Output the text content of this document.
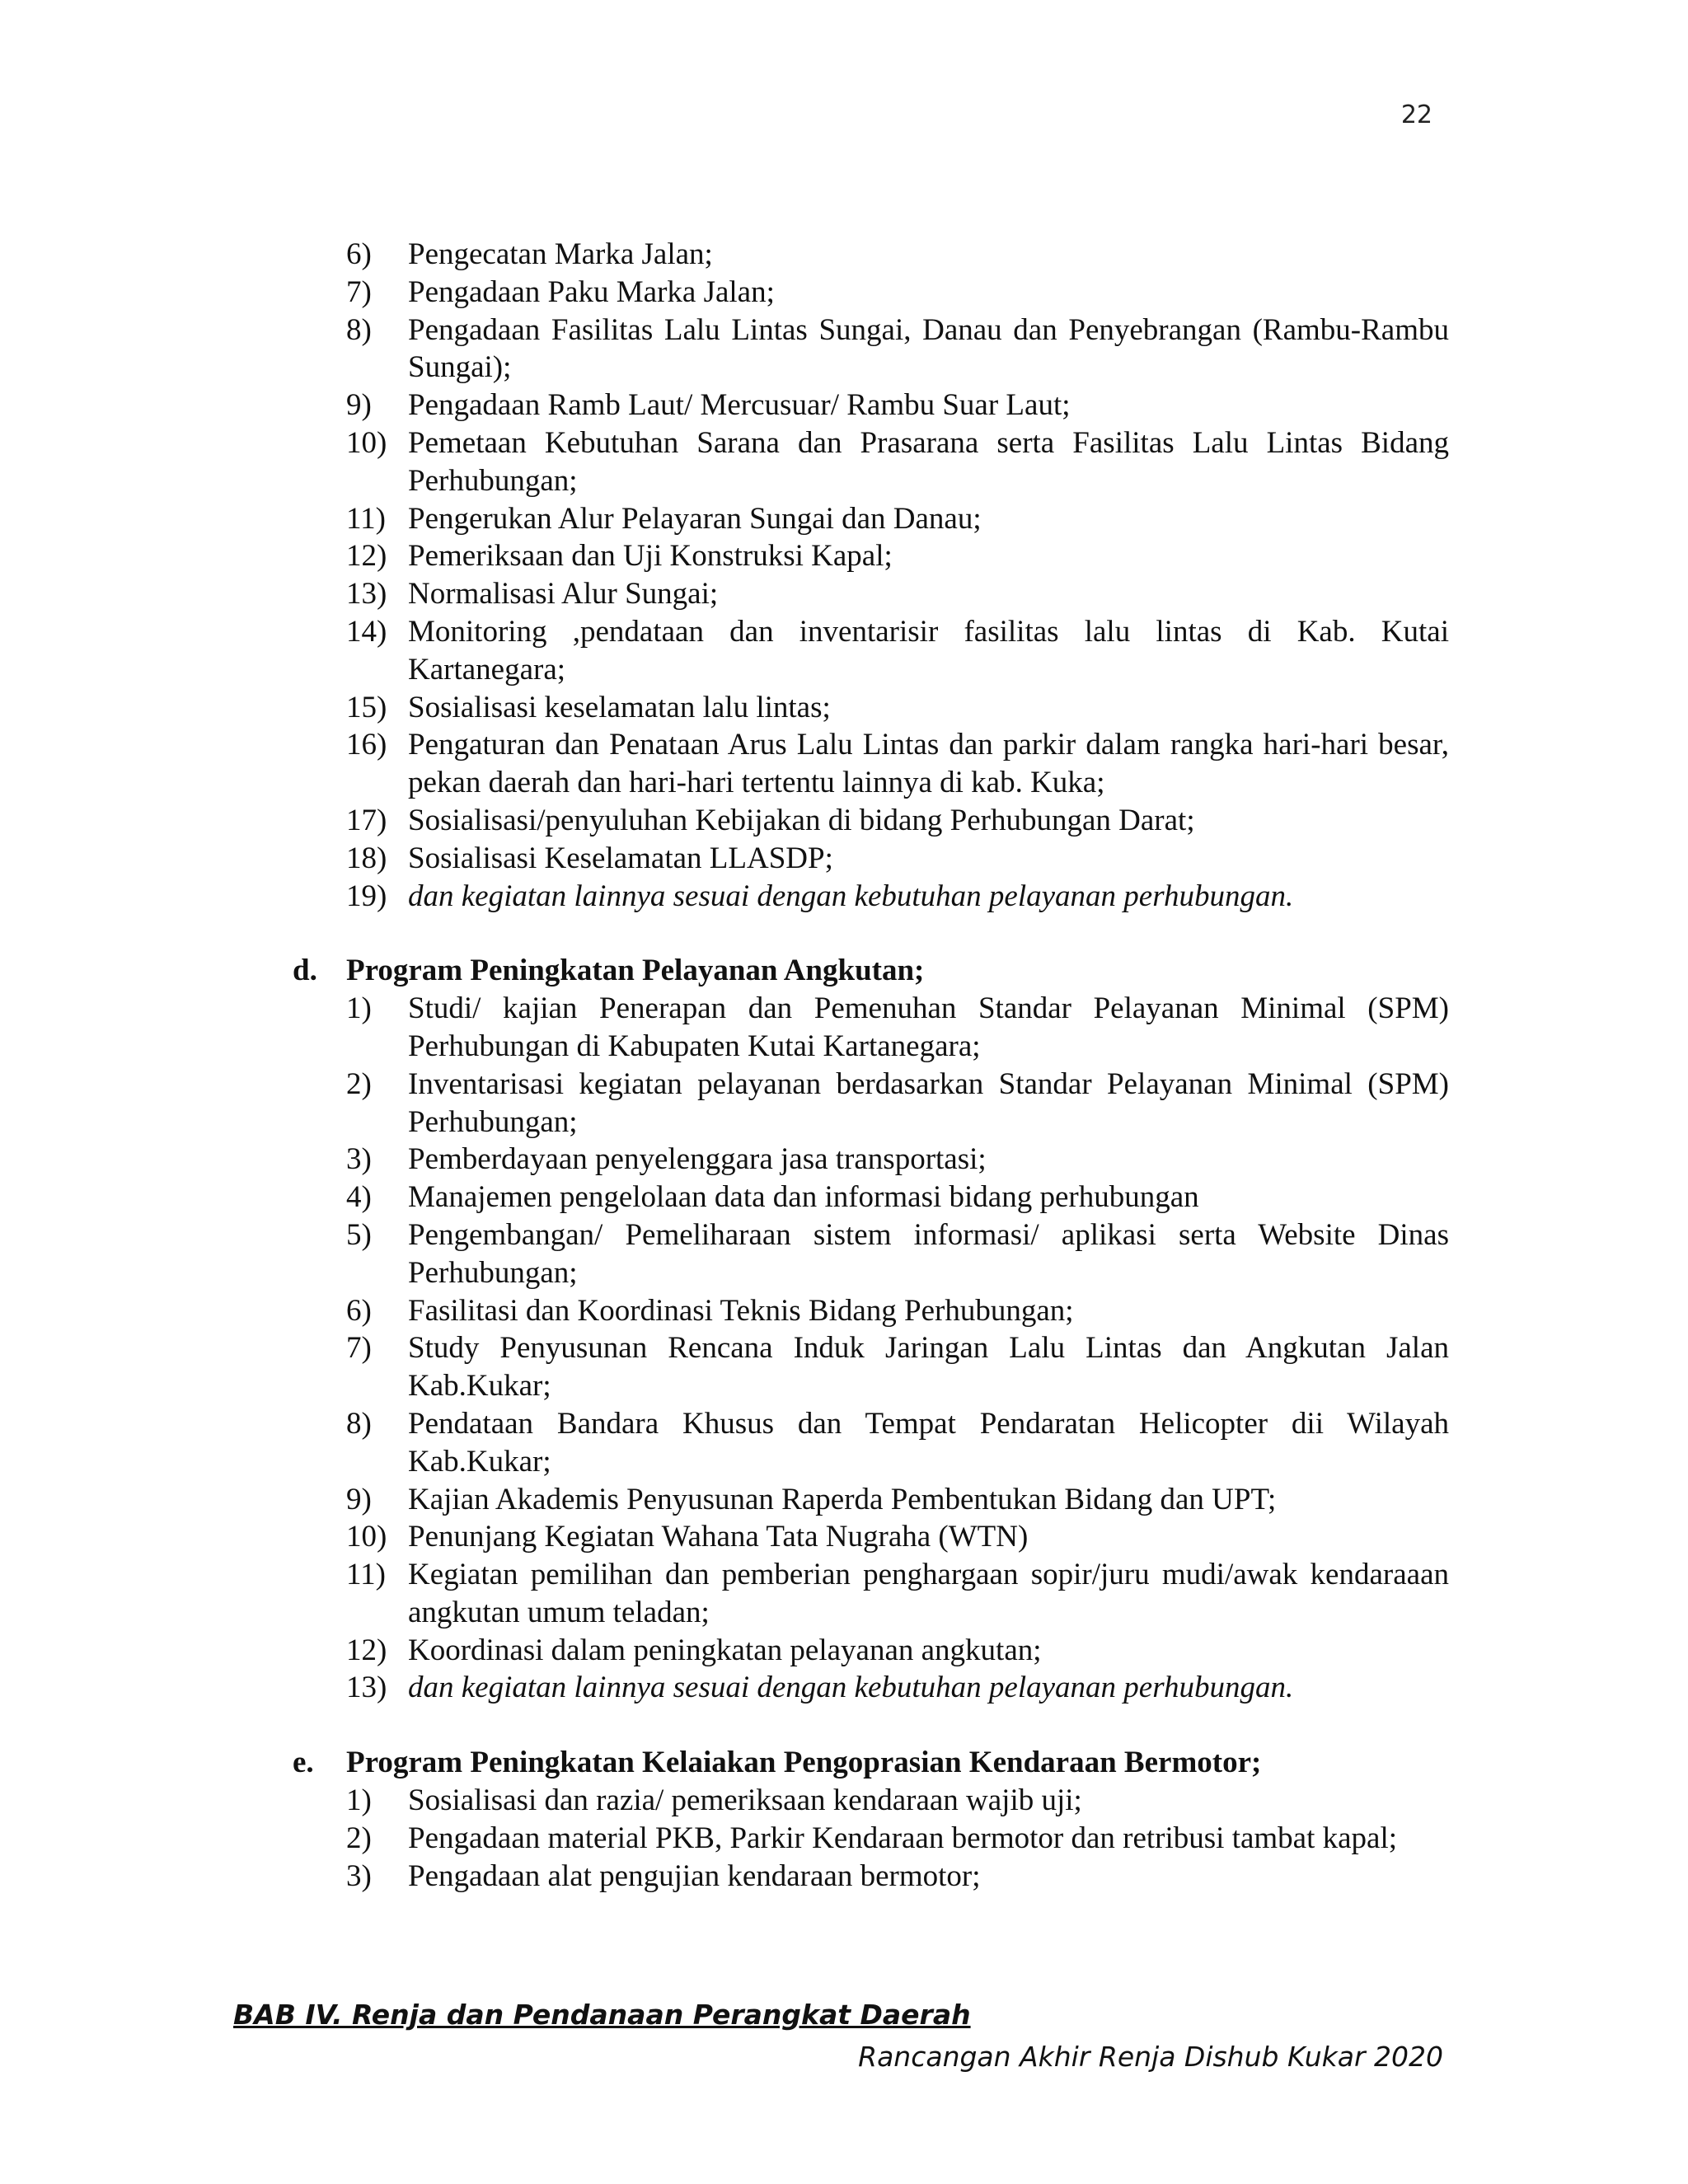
22
6)	Pengecatan Marka Jalan;
7)	Pengadaan Paku Marka Jalan;
8)	Pengadaan Fasilitas Lalu Lintas Sungai, Danau dan Penyebrangan (Rambu-Rambu Sungai);
9)	Pengadaan Ramb Laut/ Mercusuar/ Rambu Suar Laut;
10) Pemetaan Kebutuhan Sarana dan Prasarana serta Fasilitas Lalu Lintas Bidang Perhubungan;
11) Pengerukan Alur Pelayaran Sungai dan Danau;
12) Pemeriksaan dan Uji Konstruksi Kapal;
13) Normalisasi Alur Sungai;
14) Monitoring ,pendataan dan inventarisir fasilitas lalu lintas di Kab. Kutai Kartanegara;
15) Sosialisasi keselamatan lalu lintas;
16) Pengaturan dan Penataan Arus Lalu Lintas dan parkir dalam rangka hari-hari besar, pekan daerah dan hari-hari tertentu lainnya di kab. Kuka;
17) Sosialisasi/penyuluhan Kebijakan di bidang Perhubungan Darat;
18) Sosialisasi Keselamatan LLASDP;
19) dan kegiatan lainnya sesuai dengan kebutuhan pelayanan perhubungan.
d. Program Peningkatan Pelayanan Angkutan;
1)	Studi/ kajian Penerapan dan Pemenuhan Standar Pelayanan Minimal (SPM) Perhubungan di Kabupaten Kutai Kartanegara;
2)	Inventarisasi kegiatan pelayanan berdasarkan Standar Pelayanan Minimal (SPM) Perhubungan;
3)	Pemberdayaan penyelenggara jasa transportasi;
4)	Manajemen pengelolaan data dan informasi bidang perhubungan
5)	Pengembangan/ Pemeliharaan sistem informasi/ aplikasi serta Website Dinas Perhubungan;
6)	Fasilitasi dan Koordinasi Teknis Bidang Perhubungan;
7)	Study Penyusunan Rencana Induk Jaringan Lalu Lintas dan Angkutan Jalan Kab.Kukar;
8)	Pendataan Bandara Khusus dan Tempat Pendaratan Helicopter dii Wilayah Kab.Kukar;
9)	Kajian Akademis Penyusunan Raperda Pembentukan Bidang dan UPT;
10) Penunjang Kegiatan Wahana Tata Nugraha (WTN)
11) Kegiatan pemilihan dan pemberian penghargaan sopir/juru mudi/awak kendaraaan angkutan umum teladan;
12) Koordinasi dalam peningkatan pelayanan angkutan;
13) dan kegiatan lainnya sesuai dengan kebutuhan pelayanan perhubungan.
e.	Program Peningkatan Kelaiakan Pengoprasian Kendaraan Bermotor;
1)	Sosialisasi dan razia/ pemeriksaan kendaraan wajib uji;
2)	Pengadaan material PKB, Parkir Kendaraan bermotor dan retribusi tambat kapal;
3)	Pengadaan alat pengujian kendaraan bermotor;
BAB IV. Renja dan Pendanaan Perangkat Daerah
Rancangan Akhir Renja Dishub Kukar 2020
